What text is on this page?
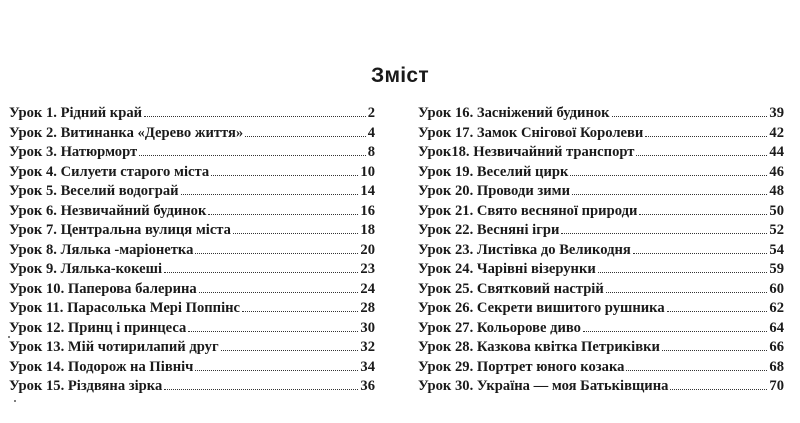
Зміст
Урок 1. Рідний край	2
Урок 2. Витинанка «Дерево життя»	4
Урок 3. Натюрморт	8
Урок 4. Силуети старого міста	10
Урок 5. Веселий водограй	14
Урок 6. Незвичайний будинок	16
Урок 7. Центральна вулиця міста	18
Урок 8. Лялька -маріонетка	20
Урок 9. Лялька-кокеші	23
Урок 10. Паперова балерина	24
Урок 11. Парасолька Мері Поппінс	28
Урок 12. Принц і принцеса	30
Урок 13. Мій чотирилапий друг	32
Урок 14. Подорож на Північ	34
Урок 15. Різдвяна зірка	36
Урок 16. Засніжений будинок	39
Урок 17. Замок Снігової Королеви	42
Урок18. Незвичайний транспорт	44
Урок 19. Веселий цирк	46
Урок 20. Проводи зими	48
Урок 21. Свято весняної природи	50
Урок 22. Весняні ігри	52
Урок 23. Листівка до Великодня	54
Урок 24. Чарівні візерунки	59
Урок 25. Святковий настрій	60
Урок 26. Секрети вишитого рушника	62
Урок 27. Кольорове диво	64
Урок 28. Казкова квітка Петриківки	66
Урок 29. Портрет юного козака	68
Урок 30. Україна — моя Батьківщина	70
